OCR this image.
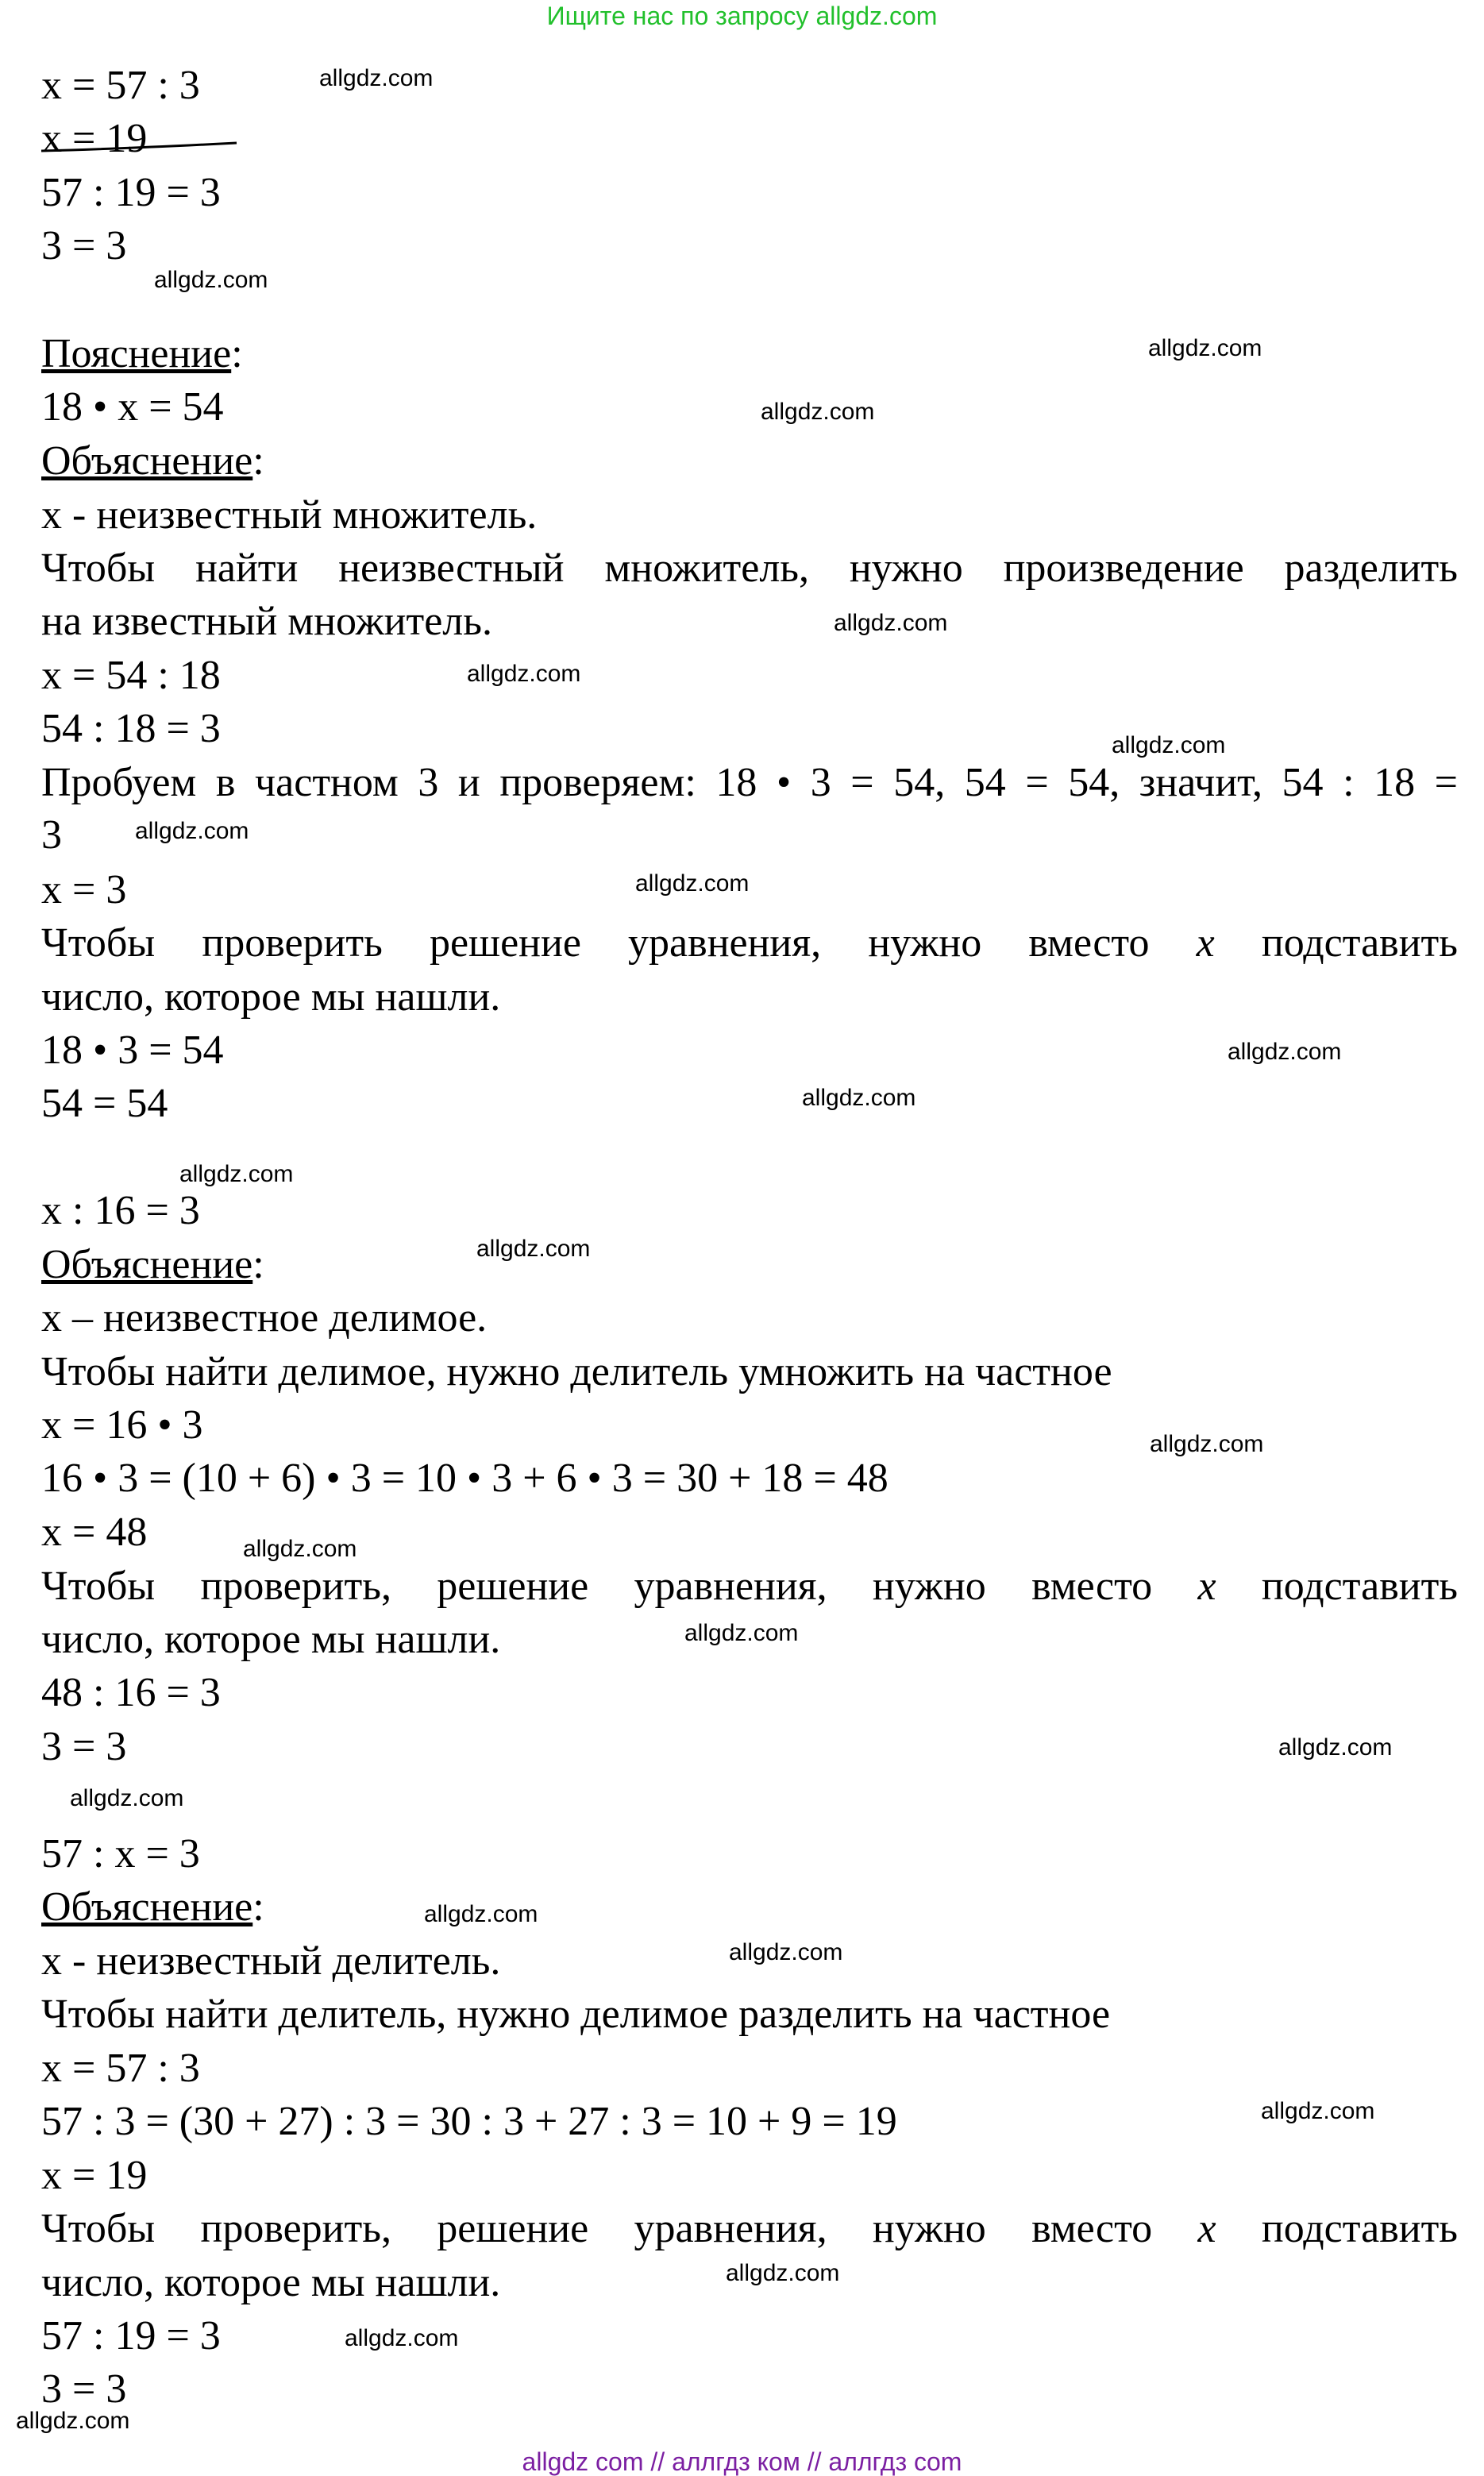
Ищите нас по запросу allgdz.com
x = 57 : 3
x = 19
57 : 19 = 3
3 = 3
Пояснение:
18 • x = 54
Объяснение:
x - неизвестный множитель.
Чтобы найти неизвестный множитель, нужно произведение разделить
на известный множитель.
x = 54 : 18
54 : 18 = 3
Пробуем в частном 3 и проверяем: 18 • 3 = 54, 54 = 54, значит, 54 : 18 =
3
x = 3
Чтобы проверить решение уравнения, нужно вместо x подставить
число, которое мы нашли.
18 • 3 = 54
54 = 54
x : 16 = 3
Объяснение:
x – неизвестное делимое.
Чтобы найти делимое, нужно делитель умножить на частное
x = 16 • 3
16 • 3 = (10 + 6) • 3 = 10 • 3 + 6 • 3 = 30 + 18 = 48
x = 48
Чтобы проверить, решение уравнения, нужно вместо x подставить
число, которое мы нашли.
48 : 16 = 3
3 = 3
57 : x = 3
Объяснение:
x - неизвестный делитель.
Чтобы найти делитель, нужно делимое разделить на частное
x = 57 : 3
57 : 3 = (30 + 27) : 3 = 30 : 3 + 27 : 3 = 10 + 9 = 19
x = 19
Чтобы проверить, решение уравнения, нужно вместо x подставить
число, которое мы нашли.
57 : 19 = 3
3 = 3
allgdz.com
allgdz.com
allgdz.com
allgdz.com
allgdz.com
allgdz.com
allgdz.com
allgdz.com
allgdz.com
allgdz.com
allgdz.com
allgdz.com
allgdz.com
allgdz.com
allgdz.com
allgdz.com
allgdz.com
allgdz.com
allgdz.com
allgdz.com
allgdz.com
allgdz.com
allgdz.com
allgdz.com
allgdz com // аллгдз ком // аллгдз com
